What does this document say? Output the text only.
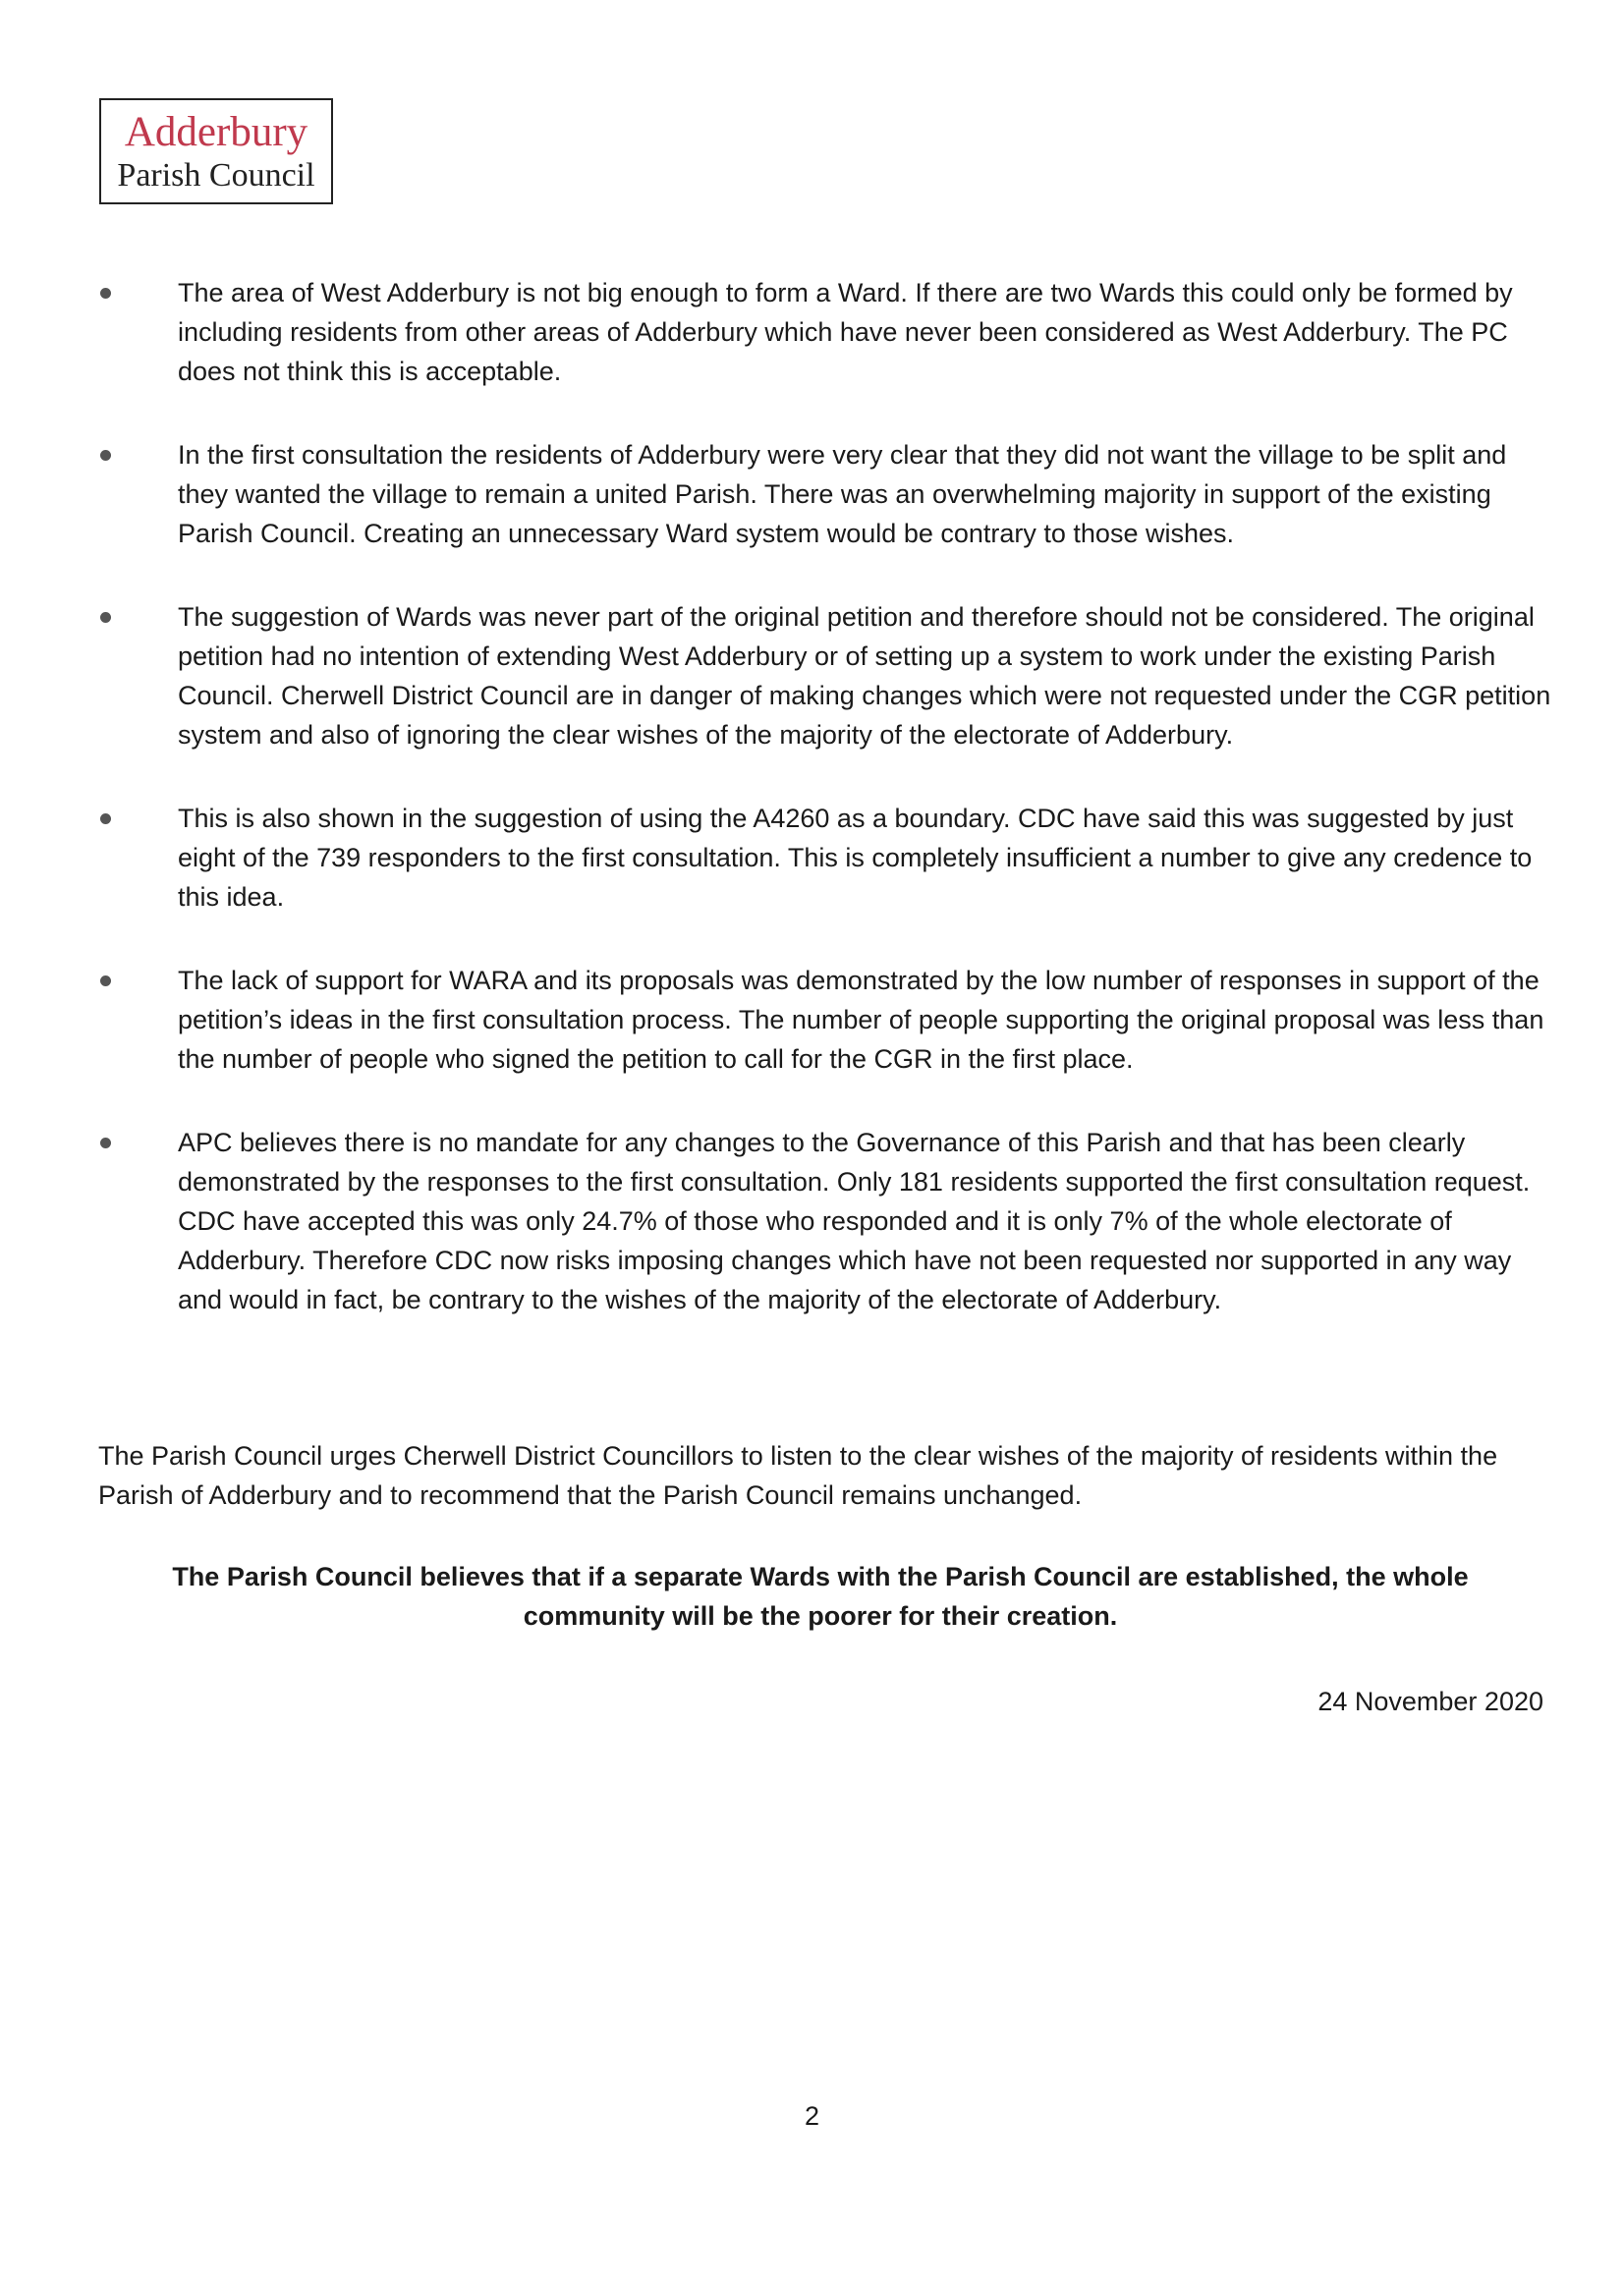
Adderbury
Parish Council
The area of West Adderbury is not big enough to form a Ward. If there are two Wards this could only be formed by including residents from other areas of Adderbury which have never been considered as West Adderbury. The PC does not think this is acceptable.
In the first consultation the residents of Adderbury were very clear that they did not want the village to be split and they wanted the village to remain a united Parish. There was an overwhelming majority in support of the existing Parish Council. Creating an unnecessary Ward system would be contrary to those wishes.
The suggestion of Wards was never part of the original petition and therefore should not be considered. The original petition had no intention of extending West Adderbury or of setting up a system to work under the existing Parish Council. Cherwell District Council are in danger of making changes which were not requested under the CGR petition system and also of ignoring the clear wishes of the majority of the electorate of Adderbury.
This is also shown in the suggestion of using the A4260 as a boundary. CDC have said this was suggested by just eight of the 739 responders to the first consultation. This is completely insufficient a number to give any credence to this idea.
The lack of support for WARA and its proposals was demonstrated by the low number of responses in support of the petition’s ideas in the first consultation process. The number of people supporting the original proposal was less than the number of people who signed the petition to call for the CGR in the first place.
APC believes there is no mandate for any changes to the Governance of this Parish and that has been clearly demonstrated by the responses to the first consultation. Only 181 residents supported the first consultation request. CDC have accepted this was only 24.7% of those who responded and it is only 7% of the whole electorate of Adderbury. Therefore CDC now risks imposing changes which have not been requested nor supported in any way and would in fact, be contrary to the wishes of the majority of the electorate of Adderbury.
The Parish Council urges Cherwell District Councillors to listen to the clear wishes of the majority of residents within the Parish of Adderbury and to recommend that the Parish Council remains unchanged.
The Parish Council believes that if a separate Wards with the Parish Council are established, the whole community will be the poorer for their creation.
24 November 2020
2
